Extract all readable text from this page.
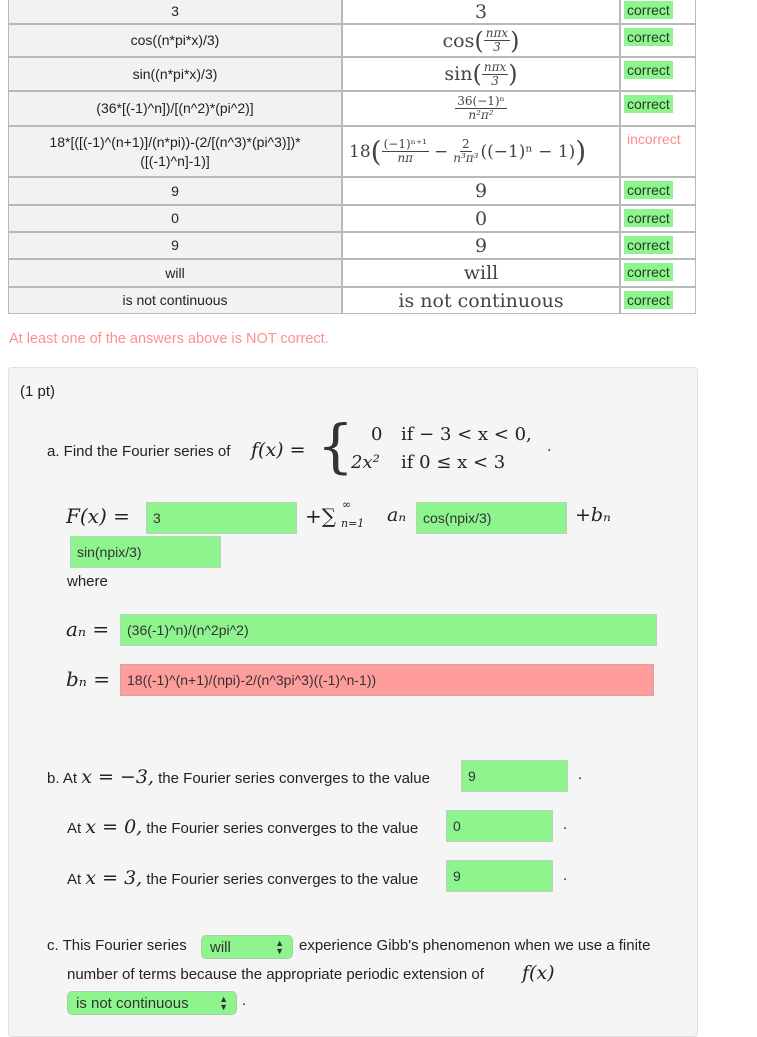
3	3	correct
cos((n*pi*x)/3)	cos ( $\frac{\text{nπx}}{3}$ )	correct
sin((n*pi*x)/3)	sin ( $\frac{\text{nπx}}{3}$ )	correct
(36*[(-1)^n])/[(n^2)*(pi^2)]	$\frac{\text{36(−1)ⁿ}}{\text{n²π²}}$	correct
18*[([(-1)^(n+1)]/(n*pi))-(2/[(n^3)*(pi^3)])*
([(-1)^n]-1)]	18 ( $\frac{\text{(−1)ⁿ⁺¹}}{n\pi} - \frac{2}{\text{n³π³}} ((-1)^n - 1)$ )	incorrect
9	9	correct
0	0	correct
9	9	correct
will	will	correct
is not continuous	is not continuous	correct
At least one of the answers above is NOT correct.
(1 pt)
a. Find the Fourier series of f(x) = { 0 if − 3 < x < 0,
2x² if 0 ≤ x < 3
.
F(x) =	3	+∑ ∞
n=1 aₙ	cos(npix/3)	+bₙ
sin(npix/3)
where
aₙ =	(36(-1)^n)/(n^2pi^2)
bₙ =	18((-1)^(n+1)/(npi)-2/(n^3pi^3)((-1)^n-1))
b. At x = −3, the Fourier series converges to the value	9	.
At x = 0, the Fourier series converges to the value	0	.
At x = 3, the Fourier series converges to the value	9	.
c. This Fourier series will	▲
▼ experience Gibb's phenomenon when we use a finite
number of terms because the appropriate periodic extension of f(x)
is not continuous	▲
▼ .
